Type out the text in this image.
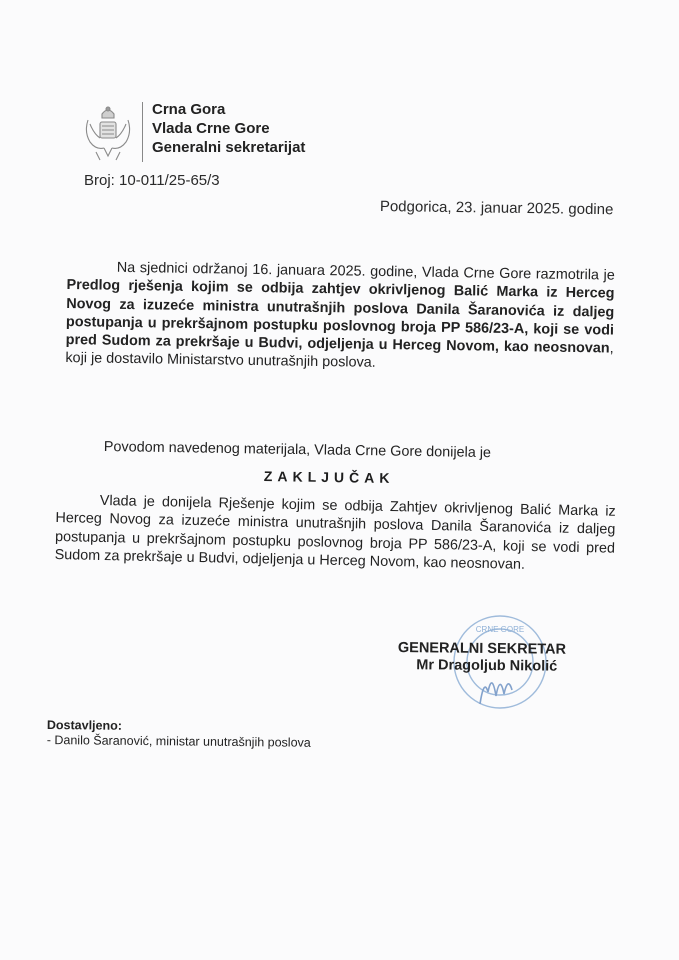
Crna Gora
Vlada Crne Gore
Generalni sekretarijat
Broj: 10-011/25-65/3
Podgorica, 23. januar 2025. godine
Na sjednici održanoj 16. januara 2025. godine, Vlada Crne Gore razmotrila je Predlog rješenja kojim se odbija zahtjev okrivljenog Balić Marka iz Herceg Novog za izuzeće ministra unutrašnjih poslova Danila Šaranovića iz daljeg postupanja u prekršajnom postupku poslovnog broja PP 586/23-A, koji se vodi pred Sudom za prekršaje u Budvi, odjeljenja u Herceg Novom, kao neosnovan, koji je dostavilo Ministarstvo unutrašnjih poslova.
Povodom navedenog materijala, Vlada Crne Gore donijela je
ZAKLJUČAK
Vlada je donijela Rješenje kojim se odbija Zahtjev okrivljenog Balić Marka iz Herceg Novog za izuzeće ministra unutrašnjih poslova Danila Šaranovića iz daljeg postupanja u prekršajnom postupku poslovnog broja PP 586/23-A, koji se vodi pred Sudom za prekršaje u Budvi, odjeljenja u Herceg Novom, kao neosnovan.
CRNE GORE
GENERALNI SEKRETAR
Mr Dragoljub Nikolić
Dostavljeno:
- Danilo Šaranović, ministar unutrašnjih poslova
